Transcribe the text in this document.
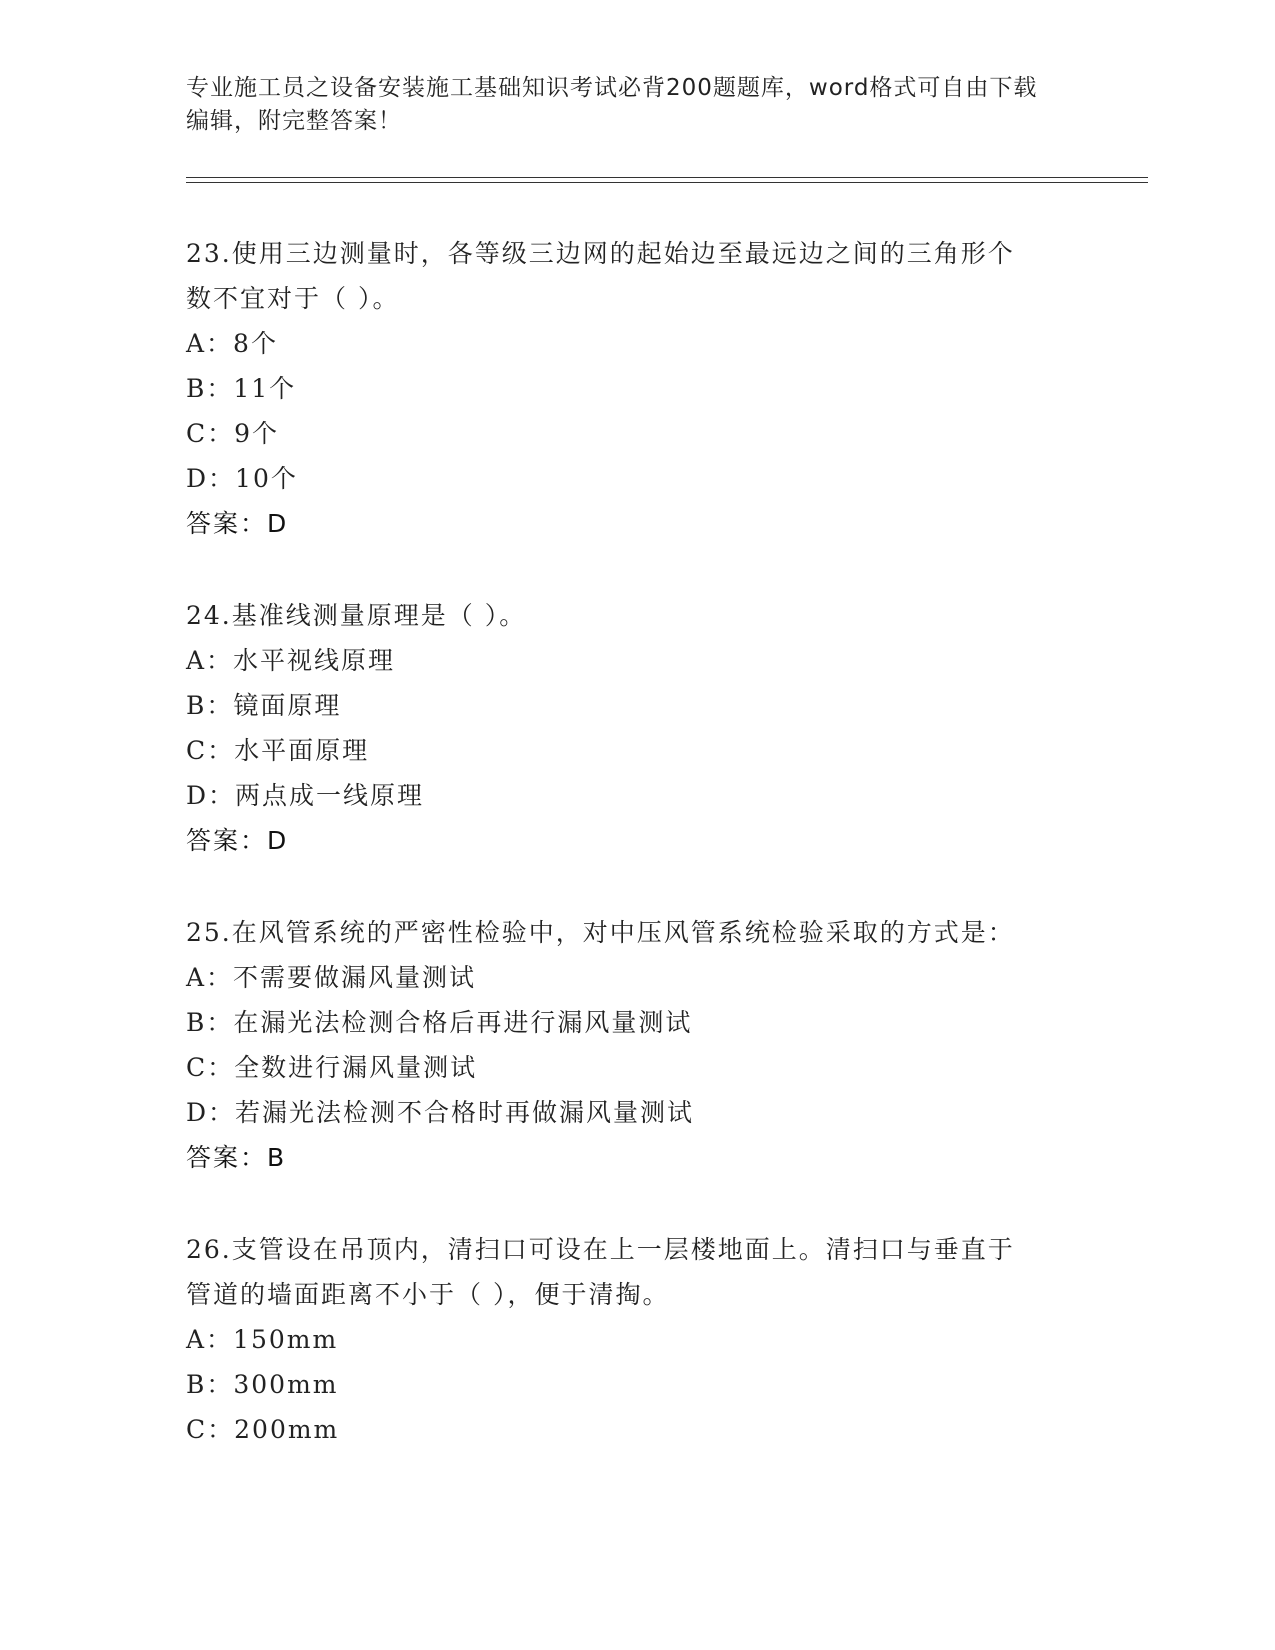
专业施工员之设备安装施工基础知识考试必背200题题库，word格式可自由下载
编辑，附完整答案！
23.使用三边测量时，各等级三边网的起始边至最远边之间的三角形个
数不宜对于（ ）。
A：8个
B：11个
C：9个
D：10个
答案：D
24.基准线测量原理是（ ）。
A：水平视线原理
B：镜面原理
C：水平面原理
D：两点成一线原理
答案：D
25.在风管系统的严密性检验中，对中压风管系统检验采取的方式是：
A：不需要做漏风量测试
B：在漏光法检测合格后再进行漏风量测试
C：全数进行漏风量测试
D：若漏光法检测不合格时再做漏风量测试
答案：B
26.支管设在吊顶内，清扫口可设在上一层楼地面上。清扫口与垂直于
管道的墙面距离不小于（ ），便于清掏。
A：150mm
B：300mm
C：200mm
